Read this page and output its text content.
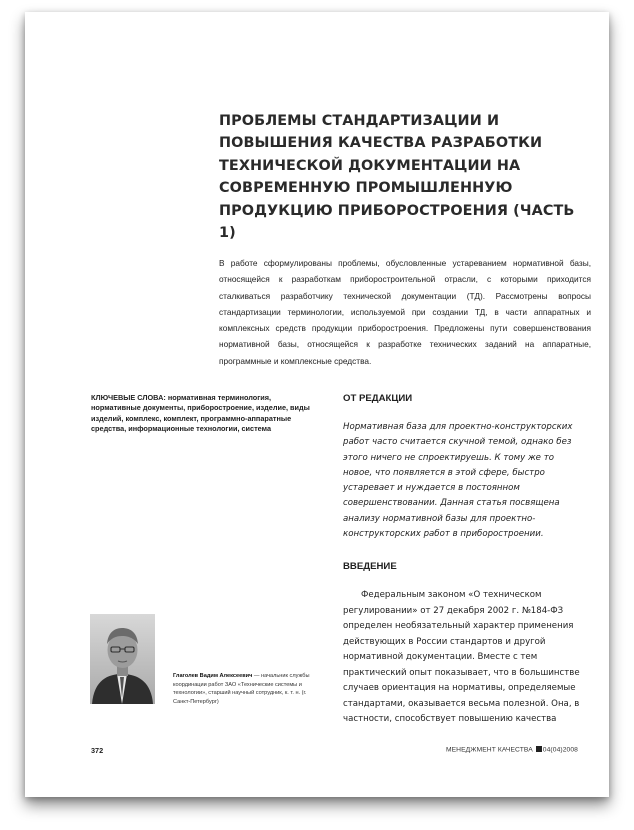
ПРОБЛЕМЫ СТАНДАРТИЗАЦИИ И ПОВЫШЕНИЯ КАЧЕСТВА РАЗРАБОТКИ ТЕХНИЧЕСКОЙ ДОКУМЕНТАЦИИ НА СОВРЕМЕННУЮ ПРОМЫШЛЕННУЮ ПРОДУКЦИЮ ПРИБОРОСТРОЕНИЯ (ЧАСТЬ 1)
В работе сформулированы проблемы, обусловленные устареванием нормативной базы, относящейся к разработкам приборостроительной отрасли, с которыми приходится сталкиваться разработчику технической документации (ТД). Рассмотрены вопросы стандартизации терминологии, используемой при создании ТД, в части аппаратных и комплексных средств продукции приборостроения. Предложены пути совершенствования нормативной базы, относящейся к разработке технических заданий на аппаратные, программные и комплексные средства.
КЛЮЧЕВЫЕ СЛОВА: нормативная терминология, нормативные документы, приборостроение, изделие, виды изделий, комплекс, комплект, программно-аппаратные средства, информационные технологии, система
ОТ РЕДАКЦИИ
Нормативная база для проектно-конструкторских работ часто считается скучной темой, однако без этого ничего не спроектируешь. К тому же то новое, что появляется в этой сфере, быстро устаревает и нуждается в постоянном совершенствовании. Данная статья посвящена анализу нормативной базы для проектно-конструкторских работ в приборостроении.
ВВЕДЕНИЕ
Федеральным законом «О техническом регулировании» от 27 декабря 2002 г. №184-ФЗ определен необязательный характер применения действующих в России стандартов и другой нормативной документации. Вместе с тем практический опыт показывает, что в большинстве случаев ориентация на нормативы, определяемые стандартами, оказывается весьма полезной. Она, в частности, способствует повышению качества
Глаголев Вадим Алексеевич — начальник службы координации работ ЗАО «Технические системы и технологии», старший научный сотрудник, к. т. н. (г. Санкт-Петербург)
372	МЕНЕДЖМЕНТ КАЧЕСТВА 04(04)2008
